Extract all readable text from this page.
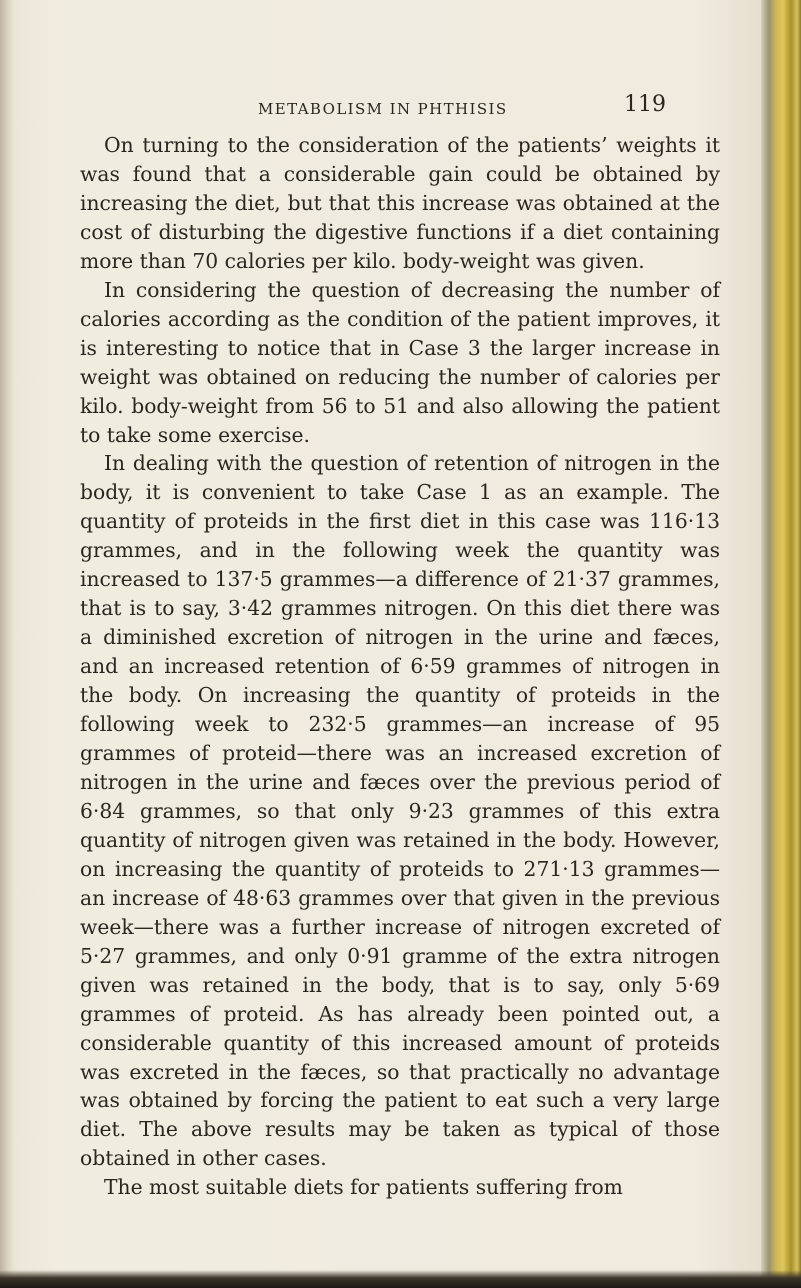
METABOLISM IN PHTHISIS	119

On turning to the consideration of the patients’ weights it was found that a considerable gain could be obtained by increasing the diet, but that this increase was obtained at the cost of disturbing the digestive functions if a diet containing more than 70 calories per kilo. body-weight was given.

In considering the question of decreasing the number of calories according as the condition of the patient improves, it is interesting to notice that in Case 3 the larger increase in weight was obtained on reducing the number of calories per kilo. body-weight from 56 to 51 and also allowing the patient to take some exercise.

In dealing with the question of retention of nitrogen in the body, it is convenient to take Case 1 as an example. The quantity of proteids in the first diet in this case was 116·13 grammes, and in the following week the quantity was increased to 137·5 grammes—a difference of 21·37 grammes, that is to say, 3·42 grammes nitrogen. On this diet there was a diminished excretion of nitrogen in the urine and fæces, and an increased retention of 6·59 grammes of nitrogen in the body. On increasing the quantity of proteids in the following week to 232·5 grammes—an increase of 95 grammes of proteid—there was an increased excretion of nitrogen in the urine and fæces over the previous period of 6·84 grammes, so that only 9·23 grammes of this extra quantity of nitrogen given was retained in the body. However, on increasing the quantity of proteids to 271·13 grammes—an increase of 48·63 grammes over that given in the previous week—there was a further increase of nitrogen excreted of 5·27 grammes, and only 0·91 gramme of the extra nitrogen given was retained in the body, that is to say, only 5·69 grammes of proteid. As has already been pointed out, a considerable quantity of this increased amount of proteids was excreted in the fæces, so that practically no advantage was obtained by forcing the patient to eat such a very large diet. The above results may be taken as typical of those obtained in other cases.

The most suitable diets for patients suffering from
